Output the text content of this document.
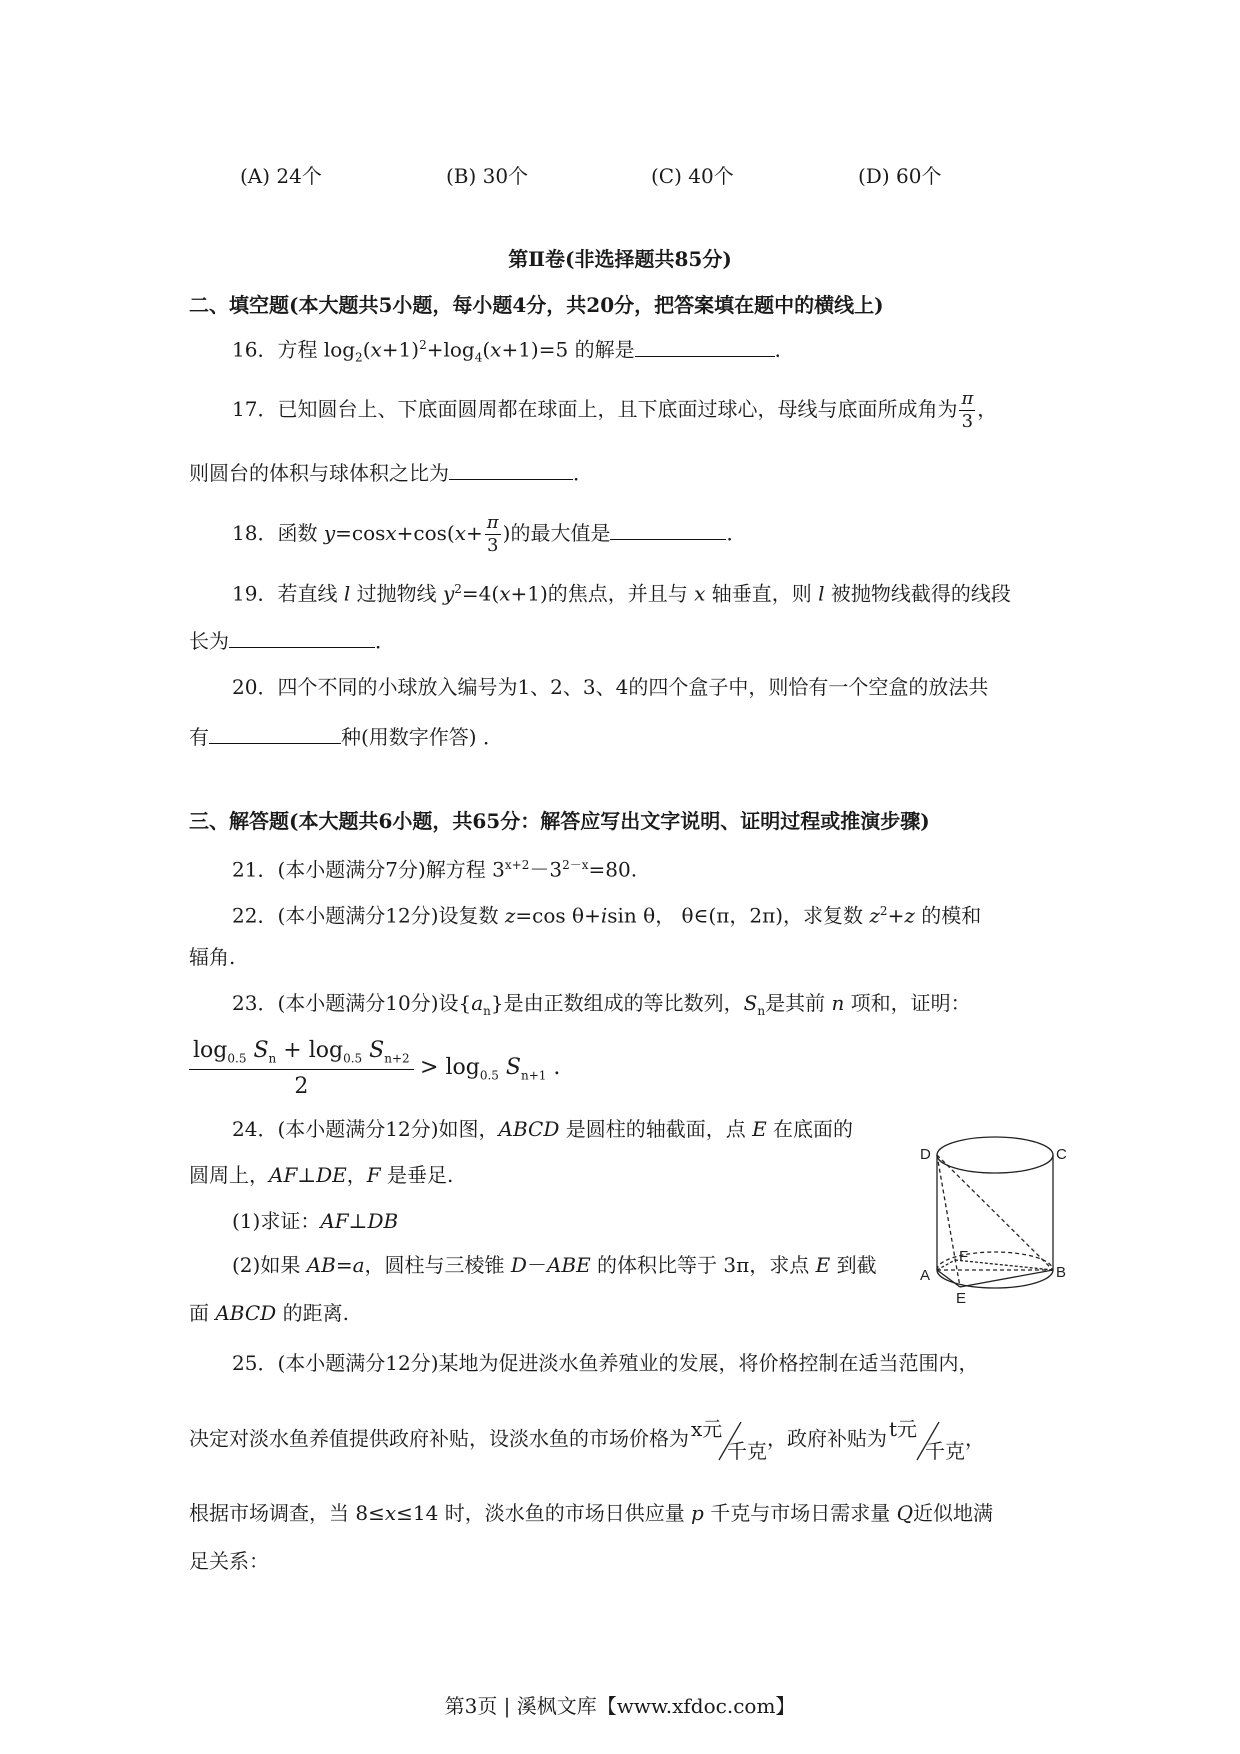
(A) 24个	(B) 30个	(C) 40个	(D) 60个
第Ⅱ卷(非选择题共85分)
二、填空题(本大题共5小题，每小题4分，共20分，把答案填在题中的横线上)
16．方程 $\log_2(x+1)^2+\log_4(x+1)=5$ 的解是	．
17．已知圆台上、下底面圆周都在球面上，且下底面过球心，母线与底面所成角为 $\frac{\pi}{3}$ ，
则圆台的体积与球体积之比为	．
18．函数 $y=\cos x+\cos(x+ \frac{\pi}{3}$ )的最大值是	．
19．若直线 l 过抛物线 $y^2=4(x+1)$的焦点，并且与 x 轴垂直，则 l 被抛物线截得的线段
长为	．
20．四个不同的小球放入编号为1、2、3、4的四个盒子中，则恰有一个空盒的放法共
有	种(用数字作答) ．
三、解答题(本大题共6小题，共65分：解答应写出文字说明、证明过程或推演步骤)
21．(本小题满分7分)解方程 $3^{x+2}-3^{2-x}=80$.
22．(本小题满分12分)设复数 z=cos θ+isin θ， θ∈(π，2π)，求复数 $z^2+z$ 的模和
辐角.
23．(本小题满分10分)设$\{a_n\}$是由正数组成的等比数列，$S_n$是其前 n 项和，证明：
$\frac{\log_{0.5} S_n + \log_{0.5} S_{n+2}}{2} > \log_{0.5} S_{n+1}$ .
24．(本小题满分12分)如图，ABCD 是圆柱的轴截面，点 E 在底面的
圆周上，AF⊥DE，F 是垂足.
(1)求证：AF⊥DB
(2)如果 AB=a，圆柱与三棱锥 D－ABE 的体积比等于 3π，求点 E 到截
面 ABCD 的距离.
D	C
A	B
F
E
25．(本小题满分12分)某地为促进淡水鱼养殖业的发展，将价格控制在适当范围内，
决定对淡水鱼养值提供政府补贴，设淡水鱼的市场价格为 x元
千克
，政府补贴为 t元
千克
，
根据市场调查，当 8≤x≤14 时，淡水鱼的市场日供应量 p 千克与市场日需求量 Q近似地满
足关系：
第3页 | 溪枫文库【www.xfdoc.com】
